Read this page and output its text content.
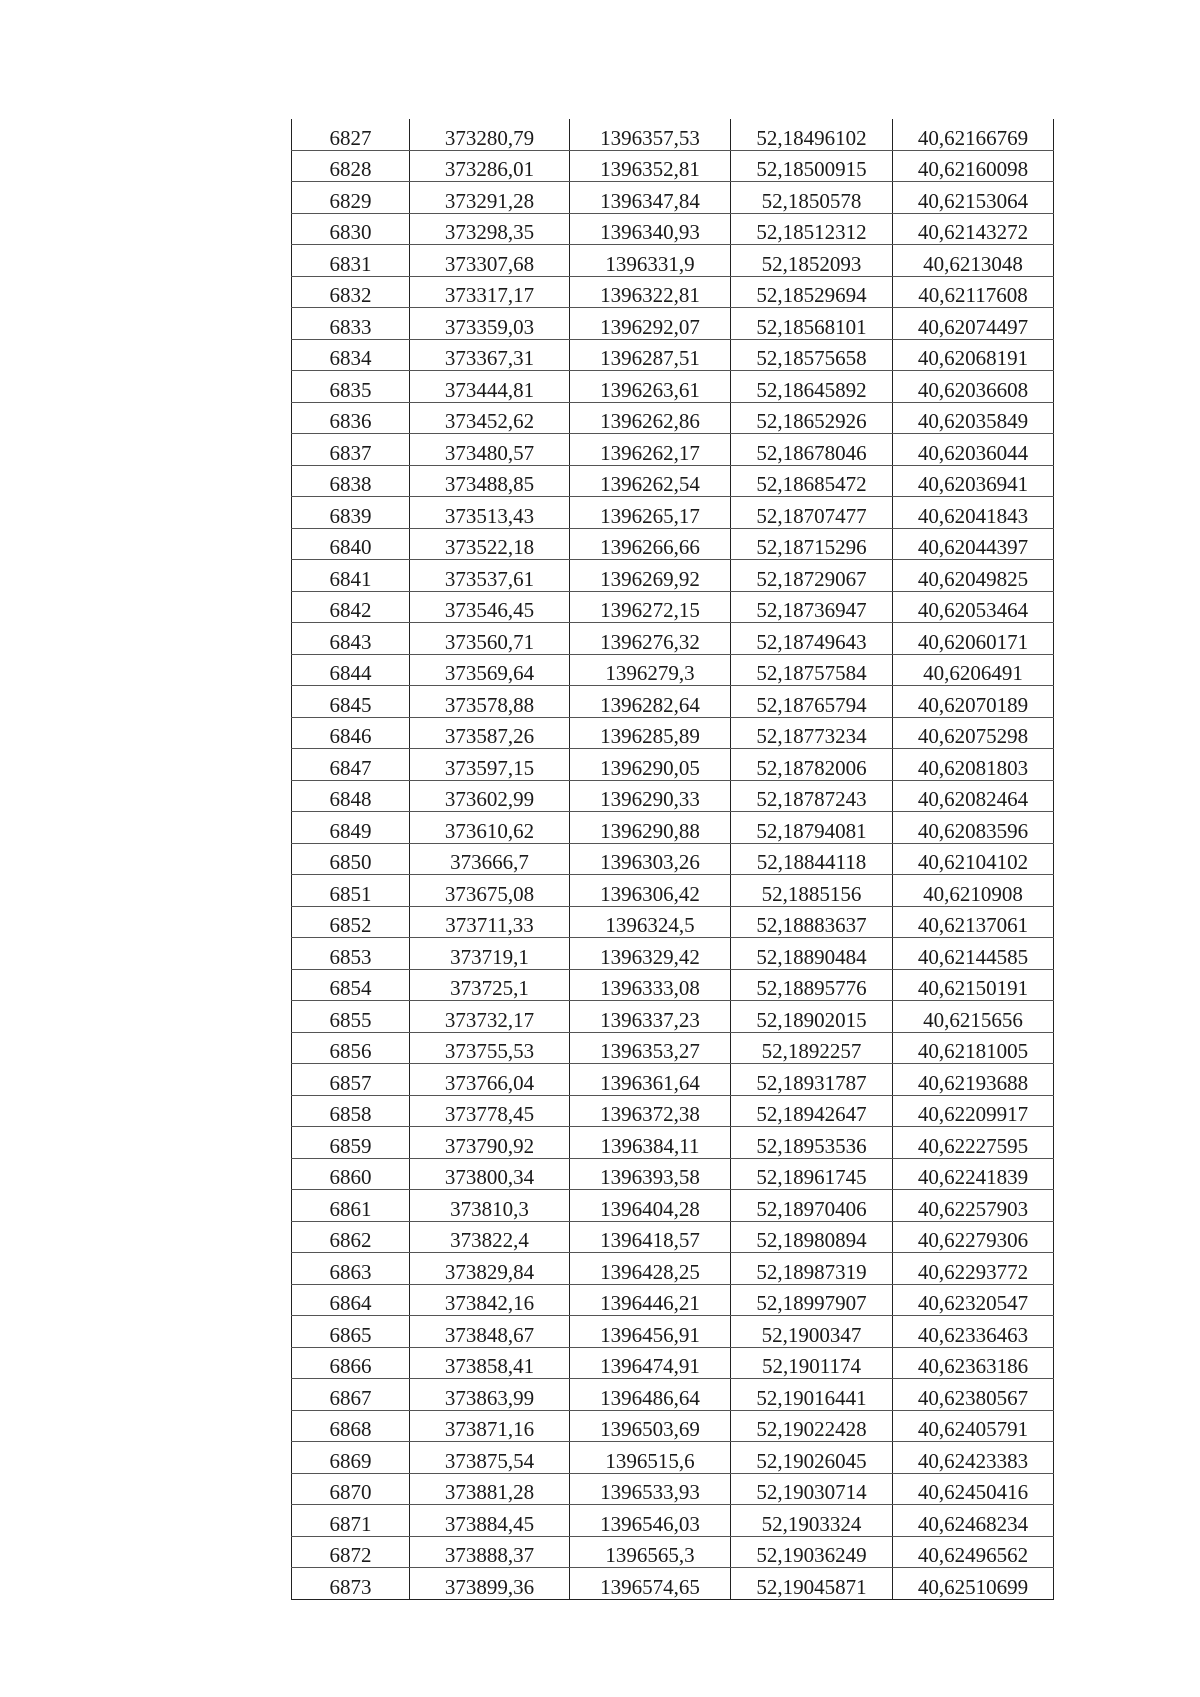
6827	373280,79	1396357,53	52,18496102	40,62166769
6828	373286,01	1396352,81	52,18500915	40,62160098
6829	373291,28	1396347,84	52,1850578	40,62153064
6830	373298,35	1396340,93	52,18512312	40,62143272
6831	373307,68	1396331,9	52,1852093	40,6213048
6832	373317,17	1396322,81	52,18529694	40,62117608
6833	373359,03	1396292,07	52,18568101	40,62074497
6834	373367,31	1396287,51	52,18575658	40,62068191
6835	373444,81	1396263,61	52,18645892	40,62036608
6836	373452,62	1396262,86	52,18652926	40,62035849
6837	373480,57	1396262,17	52,18678046	40,62036044
6838	373488,85	1396262,54	52,18685472	40,62036941
6839	373513,43	1396265,17	52,18707477	40,62041843
6840	373522,18	1396266,66	52,18715296	40,62044397
6841	373537,61	1396269,92	52,18729067	40,62049825
6842	373546,45	1396272,15	52,18736947	40,62053464
6843	373560,71	1396276,32	52,18749643	40,62060171
6844	373569,64	1396279,3	52,18757584	40,6206491
6845	373578,88	1396282,64	52,18765794	40,62070189
6846	373587,26	1396285,89	52,18773234	40,62075298
6847	373597,15	1396290,05	52,18782006	40,62081803
6848	373602,99	1396290,33	52,18787243	40,62082464
6849	373610,62	1396290,88	52,18794081	40,62083596
6850	373666,7	1396303,26	52,18844118	40,62104102
6851	373675,08	1396306,42	52,1885156	40,6210908
6852	373711,33	1396324,5	52,18883637	40,62137061
6853	373719,1	1396329,42	52,18890484	40,62144585
6854	373725,1	1396333,08	52,18895776	40,62150191
6855	373732,17	1396337,23	52,18902015	40,6215656
6856	373755,53	1396353,27	52,1892257	40,62181005
6857	373766,04	1396361,64	52,18931787	40,62193688
6858	373778,45	1396372,38	52,18942647	40,62209917
6859	373790,92	1396384,11	52,18953536	40,62227595
6860	373800,34	1396393,58	52,18961745	40,62241839
6861	373810,3	1396404,28	52,18970406	40,62257903
6862	373822,4	1396418,57	52,18980894	40,62279306
6863	373829,84	1396428,25	52,18987319	40,62293772
6864	373842,16	1396446,21	52,18997907	40,62320547
6865	373848,67	1396456,91	52,1900347	40,62336463
6866	373858,41	1396474,91	52,1901174	40,62363186
6867	373863,99	1396486,64	52,19016441	40,62380567
6868	373871,16	1396503,69	52,19022428	40,62405791
6869	373875,54	1396515,6	52,19026045	40,62423383
6870	373881,28	1396533,93	52,19030714	40,62450416
6871	373884,45	1396546,03	52,1903324	40,62468234
6872	373888,37	1396565,3	52,19036249	40,62496562
6873	373899,36	1396574,65	52,19045871	40,62510699
